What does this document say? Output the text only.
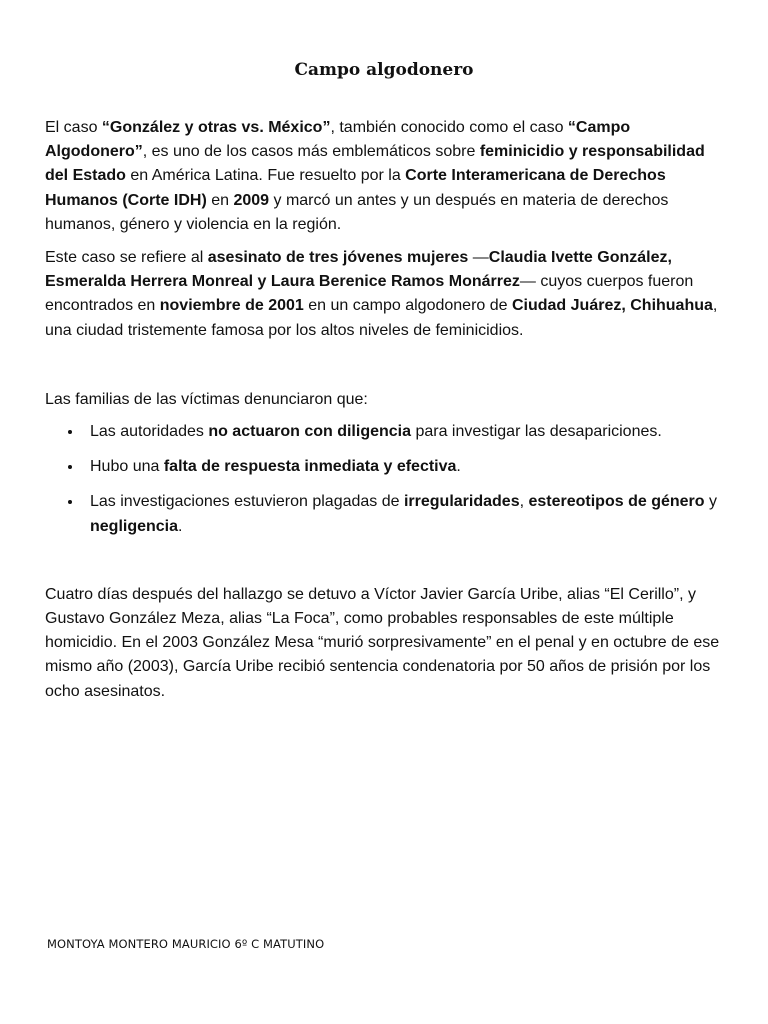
Campo algodonero

El caso “González y otras vs. México”, también conocido como el caso “Campo Algodonero”, es uno de los casos más emblemáticos sobre feminicidio y responsabilidad del Estado en América Latina. Fue resuelto por la Corte Interamericana de Derechos Humanos (Corte IDH) en 2009 y marcó un antes y un después en materia de derechos humanos, género y violencia en la región.

Este caso se refiere al asesinato de tres jóvenes mujeres —Claudia Ivette González, Esmeralda Herrera Monreal y Laura Berenice Ramos Monárrez— cuyos cuerpos fueron encontrados en noviembre de 2001 en un campo algodonero de Ciudad Juárez, Chihuahua, una ciudad tristemente famosa por los altos niveles de feminicidios.

Las familias de las víctimas denunciaron que:

Las autoridades no actuaron con diligencia para investigar las desapariciones.
Hubo una falta de respuesta inmediata y efectiva.
Las investigaciones estuvieron plagadas de irregularidades, estereotipos de género y negligencia.

Cuatro días después del hallazgo se detuvo a Víctor Javier García Uribe, alias “El Cerillo”, y Gustavo González Meza, alias “La Foca”, como probables responsables de este múltiple homicidio. En el 2003 González Mesa “murió sorpresivamente” en el penal y en octubre de ese mismo año (2003), García Uribe recibió sentencia condenatoria por 50 años de prisión por los ocho asesinatos.

MONTOYA MONTERO MAURICIO 6º C MATUTINO
